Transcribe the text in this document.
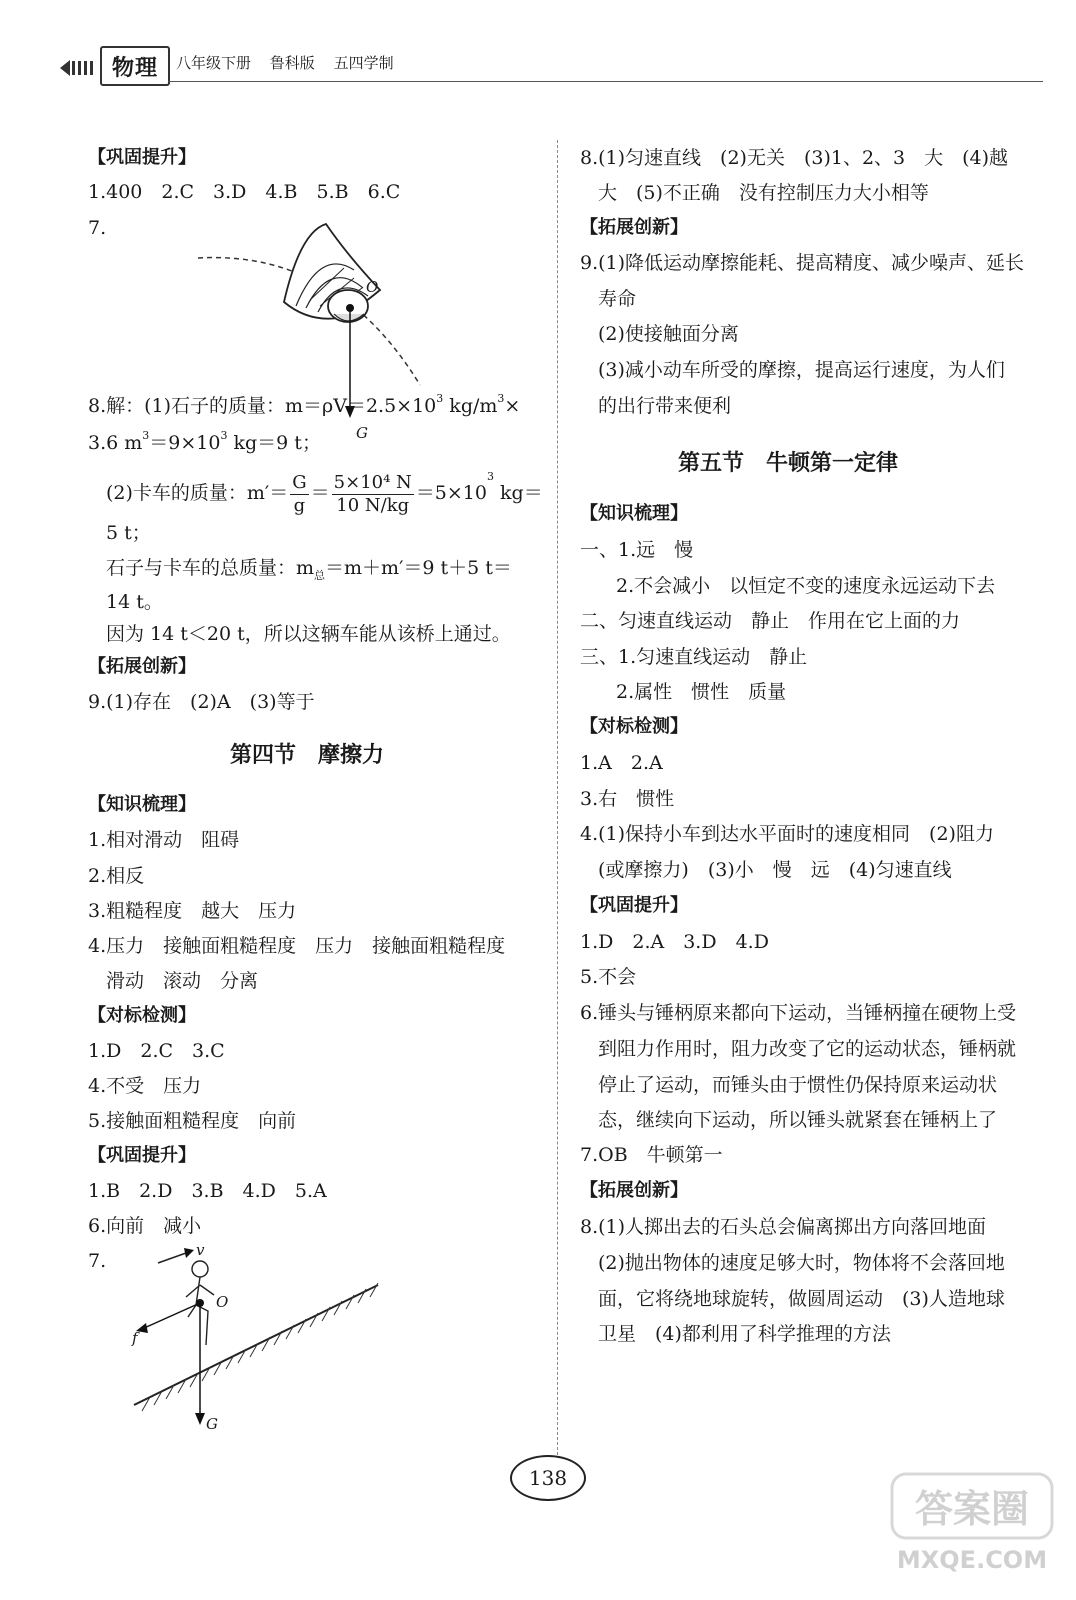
物理	八年级下册 鲁科版 五四学制
【巩固提升】
1.400　2.C　3.D　4.B　5.B　6.C
7.
O
G
8.解：(1)石子的质量：$m=\rho V=2.5\times 10^3$ $kg/m^3\times$
3.6 $m^3=9\times 10^3$ kg＝9 t；
(2)卡车的质量：$m'= \frac{G}{g} = \frac{\text{5×10⁴ N}}{10 N/kg} =5\times 10^3$ kg＝
5 t；
石子与卡车的总质量：$m_总=m+m'=9$ t＋5 t＝
14 t。
因为 14 t＜20 t，所以这辆车能从该桥上通过。
【拓展创新】
9.(1)存在　(2)A　(3)等于
第四节　摩擦力
【知识梳理】
1.相对滑动　阻碍
2.相反
3.粗糙程度　越大　压力
4.压力　接触面粗糙程度　压力　接触面粗糙程度
滑动　滚动　分离
【对标检测】
1.D　2.C　3.C
4.不受　压力
5.接触面粗糙程度　向前
【巩固提升】
1.B　2.D　3.B　4.D　5.A
6.向前　减小
7.	v
O
f
G
8.(1)匀速直线　(2)无关　(3)1、2、3　大　(4)越
大　(5)不正确　没有控制压力大小相等
【拓展创新】
9.(1)降低运动摩擦能耗、提高精度、减少噪声、延长
寿命
(2)使接触面分离
(3)减小动车所受的摩擦，提高运行速度，为人们
的出行带来便利
第五节　牛顿第一定律
【知识梳理】
一、1.远　慢
2.不会减小　以恒定不变的速度永远运动下去
二、匀速直线运动　静止　作用在它上面的力
三、1.匀速直线运动　静止
2.属性　惯性　质量
【对标检测】
1.A　2.A
3.右　惯性
4.(1)保持小车到达水平面时的速度相同　(2)阻力
(或摩擦力)　(3)小　慢　远　(4)匀速直线
【巩固提升】
1.D　2.A　3.D　4.D
5.不会
6.锤头与锤柄原来都向下运动，当锤柄撞在硬物上受
到阻力作用时，阻力改变了它的运动状态，锤柄就
停止了运动，而锤头由于惯性仍保持原来运动状
态，继续向下运动，所以锤头就紧套在锤柄上了
7.OB　牛顿第一
【拓展创新】
8.(1)人掷出去的石头总会偏离掷出方向落回地面
(2)抛出物体的速度足够大时，物体将不会落回地
面，它将绕地球旋转，做圆周运动　(3)人造地球
卫星　(4)都利用了科学推理的方法
138
答案圈
MXQE.COM
